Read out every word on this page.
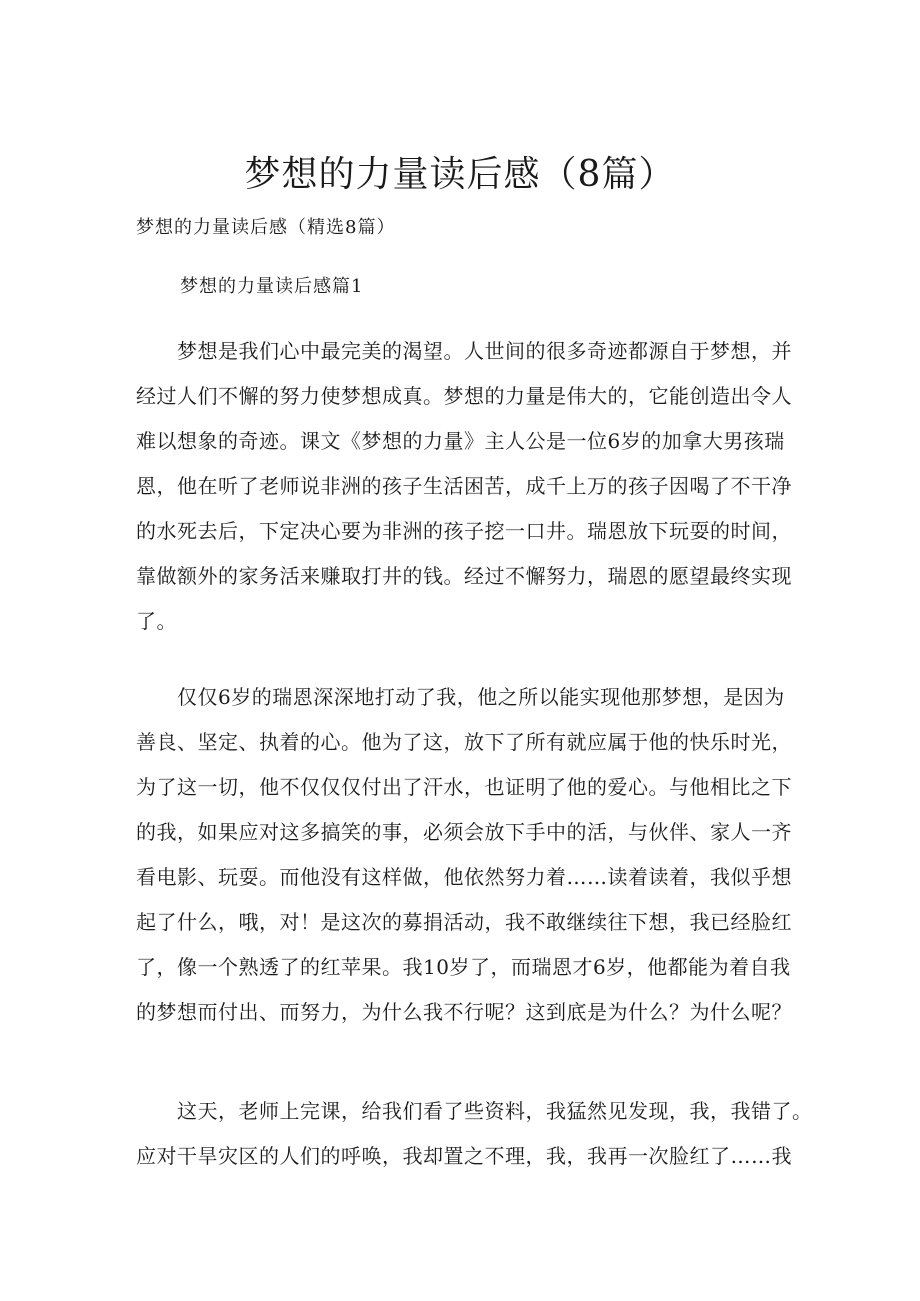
梦想的力量读后感（8篇）

梦想的力量读后感（精选8篇）

梦想的力量读后感篇1

　　梦想是我们心中最完美的渴望。人世间的很多奇迹都源自于梦想，并
经过人们不懈的努力使梦想成真。梦想的力量是伟大的，它能创造出令人
难以想象的奇迹。课文《梦想的力量》主人公是一位6岁的加拿大男孩瑞
恩，他在听了老师说非洲的孩子生活困苦，成千上万的孩子因喝了不干净
的水死去后，下定决心要为非洲的孩子挖一口井。瑞恩放下玩耍的时间，
靠做额外的家务活来赚取打井的钱。经过不懈努力，瑞恩的愿望最终实现
了。
　　仅仅6岁的瑞恩深深地打动了我，他之所以能实现他那梦想，是因为
善良、坚定、执着的心。他为了这，放下了所有就应属于他的快乐时光，
为了这一切，他不仅仅仅付出了汗水，也证明了他的爱心。与他相比之下
的我，如果应对这多搞笑的事，必须会放下手中的活，与伙伴、家人一齐
看电影、玩耍。而他没有这样做，他依然努力着……读着读着，我似乎想
起了什么，哦，对！是这次的募捐活动，我不敢继续往下想，我已经脸红
了，像一个熟透了的红苹果。我10岁了，而瑞恩才6岁，他都能为着自我
的梦想而付出、而努力，为什么我不行呢？这到底是为什么？为什么呢？
　　这天，老师上完课，给我们看了些资料，我猛然见发现，我，我错了。
应对干旱灾区的人们的呼唤，我却置之不理，我，我再一次脸红了……我
